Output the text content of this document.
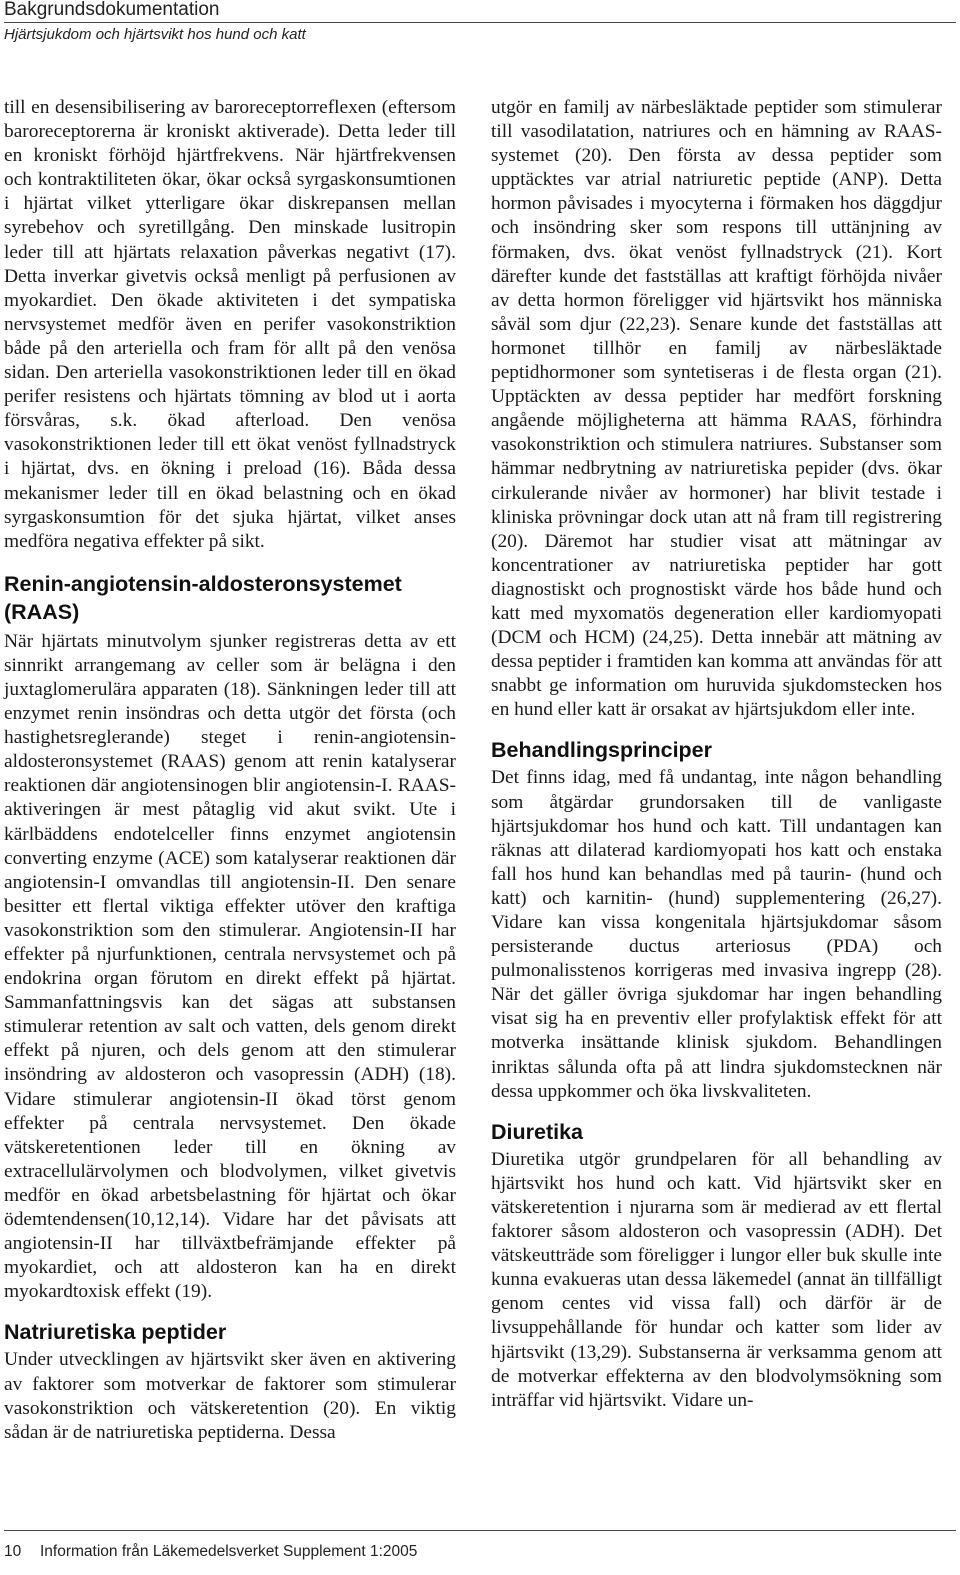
Bakgrundsdokumentation
Hjärtsjukdom och hjärtsvikt hos hund och katt

till en desensibilisering av baroreceptorreflexen (eftersom baroreceptorerna är kroniskt aktiverade). Detta leder till en kroniskt förhöjd hjärtfrekvens. När hjärtfrekvensen och kontraktiliteten ökar, ökar också syrgaskonsumtionen i hjärtat vilket ytterligare ökar diskrepansen mellan syrebehov och syretillgång. Den minskade lusitropin leder till att hjärtats relaxation påverkas negativt (17). Detta inverkar givetvis också menligt på perfusionen av myokardiet. Den ökade aktiviteten i det sympatiska nervsystemet medför även en perifer vasokonstriktion både på den arteriella och fram för allt på den venösa sidan. Den arteriella vasokonstriktionen leder till en ökad perifer resistens och hjärtats tömning av blod ut i aorta försvåras, s.k. ökad afterload. Den venösa vasokonstriktionen leder till ett ökat venöst fyllnadstryck i hjärtat, dvs. en ökning i preload (16). Båda dessa mekanismer leder till en ökad belastning och en ökad syrgaskonsumtion för det sjuka hjärtat, vilket anses medföra negativa effekter på sikt.

Renin-angiotensin-aldosteronsystemet (RAAS)

När hjärtats minutvolym sjunker registreras detta av ett sinnrikt arrangemang av celler som är belägna i den juxtaglomerulära apparaten (18). Sänkningen leder till att enzymet renin insöndras och detta utgör det första (och hastighetsreglerande) steget i renin-angiotensin-aldosteronsystemet (RAAS) genom att renin katalyserar reaktionen där angiotensinogen blir angiotensin-I. RAAS-aktiveringen är mest påtaglig vid akut svikt. Ute i kärlbäddens endotelceller finns enzymet angiotensin converting enzyme (ACE) som katalyserar reaktionen där angiotensin-I omvandlas till angiotensin-II. Den senare besitter ett flertal viktiga effekter utöver den kraftiga vasokonstriktion som den stimulerar. Angiotensin-II har effekter på njurfunktionen, centrala nervsystemet och på endokrina organ förutom en direkt effekt på hjärtat. Sammanfattningsvis kan det sägas att substansen stimulerar retention av salt och vatten, dels genom direkt effekt på njuren, och dels genom att den stimulerar insöndring av aldosteron och vasopressin (ADH) (18). Vidare stimulerar angiotensin-II ökad törst genom effekter på centrala nervsystemet. Den ökade vätskeretentionen leder till en ökning av extracellulärvolymen och blodvolymen, vilket givetvis medför en ökad arbetsbelastning för hjärtat och ökar ödemtendensen(10,12,14). Vidare har det påvisats att angiotensin-II har tillväxtbefrämjande effekter på myokardiet, och att aldosteron kan ha en direkt myokardtoxisk effekt (19).

Natriuretiska peptider

Under utvecklingen av hjärtsvikt sker även en aktivering av faktorer som motverkar de faktorer som stimulerar vasokonstriktion och vätskeretention (20). En viktig sådan är de natriuretiska peptiderna. Dessa

utgör en familj av närbesläktade peptider som stimulerar till vasodilatation, natriures och en hämning av RAAS-systemet (20). Den första av dessa peptider som upptäcktes var atrial natriuretic peptide (ANP). Detta hormon påvisades i myocyterna i förmaken hos däggdjur och insöndring sker som respons till uttänjning av förmaken, dvs. ökat venöst fyllnadstryck (21). Kort därefter kunde det fastställas att kraftigt förhöjda nivåer av detta hormon föreligger vid hjärtsvikt hos människa såväl som djur (22,23). Senare kunde det fastställas att hormonet tillhör en familj av närbesläktade peptidhormoner som syntetiseras i de flesta organ (21). Upptäckten av dessa peptider har medfört forskning angående möjligheterna att hämma RAAS, förhindra vasokonstriktion och stimulera natriures. Substanser som hämmar nedbrytning av natriuretiska pepider (dvs. ökar cirkulerande nivåer av hormoner) har blivit testade i kliniska prövningar dock utan att nå fram till registrering (20). Däremot har studier visat att mätningar av koncentrationer av natriuretiska peptider har gott diagnostiskt och prognostiskt värde hos både hund och katt med myxomatös degeneration eller kardiomyopati (DCM och HCM) (24,25). Detta innebär att mätning av dessa peptider i framtiden kan komma att användas för att snabbt ge information om huruvida sjukdomstecken hos en hund eller katt är orsakat av hjärtsjukdom eller inte.

Behandlingsprinciper

Det finns idag, med få undantag, inte någon behandling som åtgärdar grundorsaken till de vanligaste hjärtsjukdomar hos hund och katt. Till undantagen kan räknas att dilaterad kardiomyopati hos katt och enstaka fall hos hund kan behandlas med på taurin- (hund och katt) och karnitin- (hund) supplementering (26,27). Vidare kan vissa kongenitala hjärtsjukdomar såsom persisterande ductus arteriosus (PDA) och pulmonalisstenos korrigeras med invasiva ingrepp (28). När det gäller övriga sjukdomar har ingen behandling visat sig ha en preventiv eller profylaktisk effekt för att motverka insättande klinisk sjukdom. Behandlingen inriktas sålunda ofta på att lindra sjukdomstecknen när dessa uppkommer och öka livskvaliteten.

Diuretika

Diuretika utgör grundpelaren för all behandling av hjärtsvikt hos hund och katt. Vid hjärtsvikt sker en vätskeretention i njurarna som är medierad av ett flertal faktorer såsom aldosteron och vasopressin (ADH). Det vätskeutträde som föreligger i lungor eller buk skulle inte kunna evakueras utan dessa läkemedel (annat än tillfälligt genom centes vid vissa fall) och därför är de livsuppehållande för hundar och katter som lider av hjärtsvikt (13,29). Substanserna är verksamma genom att de motverkar effekterna av den blodvolymsökning som inträffar vid hjärtsvikt. Vidare un-

10 Information från Läkemedelsverket Supplement 1:2005
